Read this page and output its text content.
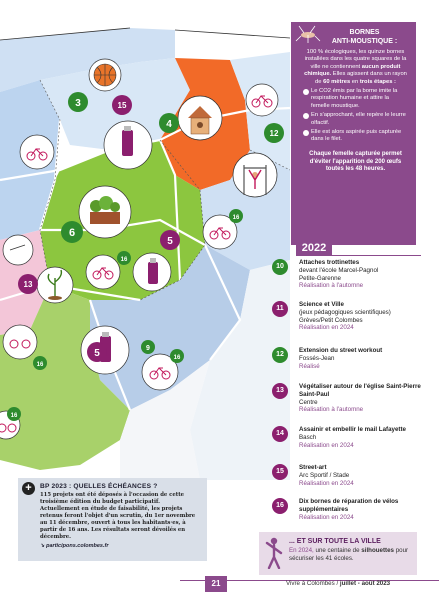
3	15
4
12
6
16
16
5
13
16
9
5
16
16
BORNES
ANTI-MOUSTIQUE :
100 % écologiques, les quinze bornes installées dans les quatre squares de la ville ne contiennent aucun produit chimique. Elles agissent dans un rayon de 60 mètres en trois étapes :
Le CO2 émis par la borne imite la respiration humaine et attire la femelle moustique.
En s'approchant, elle repère le leurre olfactif.
Elle est alors aspirée puis capturée dans le filet.
Chaque femelle capturée permet d'éviter l'apparition de 200 œufs toutes les 48 heures.
2022
10
Attaches trottinettes
devant l'école Marcel-Pagnol
Petite-Garenne
Réalisation à l'automne
11
Science et Ville
(jeux pédagogiques scientifiques)
Grèves/Petit Colombes
Réalisation en 2024
12
Extension du street workout
Fossés-Jean
Réalisé
13
Végétaliser autour de l'église Saint-Pierre Saint-Paul
Centre
Réalisation à l'automne
14
Assainir et embellir le mail Lafayette
Basch
Réalisation en 2024
15
Street-art
Arc Sportif / Stade
Réalisation en 2024
16
Dix bornes de réparation de vélos supplémentaires
Réalisation en 2024
+	BP 2023 : QUELLES ÉCHÉANCES ?
115 projets ont été déposés à l'occasion de cette troisième édition du budget participatif. Actuellement en étude de faisabilité, les projets retenus feront l'objet d'un scrutin, du 1er novembre au 11 décembre, ouvert à tous les habitants·es, à partir de 16 ans. Les résultats seront dévoilés en décembre.
➘ participons.colombes.fr
... ET SUR TOUTE LA VILLE
En 2024, une centaine de silhouettes pour sécuriser les 41 écoles.
21	Vivre à Colombes / juillet - août 2023
